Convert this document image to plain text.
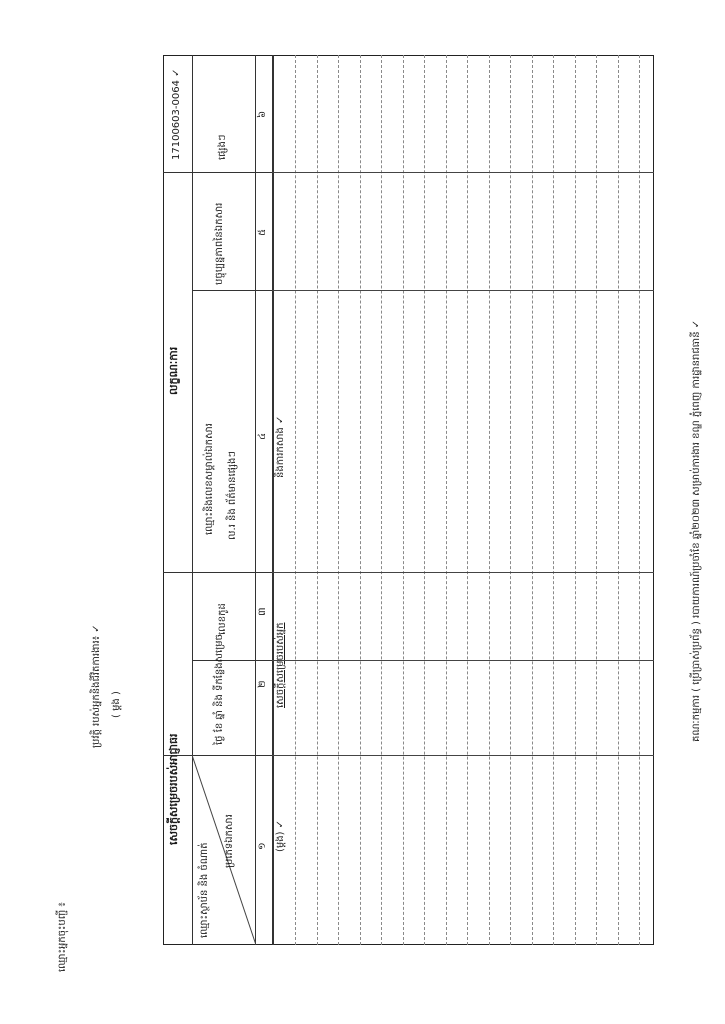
ឈ្មោះអ្នកចុះបញ្ជី ៖
ប្រវត្តិ របស់អ្នកនិងជីវិតការងារ៖ ✓ ( ម្ដង )	គណៈកម្មការ ( ប្រើប្រាស់ប្រព័ន្ធ ) របាយការណ៍ប្រចាំខែ ឆ្នាំ២០២៣ សម្រាប់ការងារ ខណ្ឌ ភ្នំពេញ ការដ្ឋានរាជធានី ✓
សេចក្ដីសម្រេចរបស់អាជ្ញាធរ
លក្ខណៈការ
17100603-0064 ✓
ឈ្មោះស្ថាប័ន និង ចំណាត់
ប្រភេទឯកសារ
ថ្ងៃ ខែ ឆ្នាំ និង ទីកន្លែងសម្រេច
លេខកូដ
ឈ្មោះនិងលេខសម្គាល់ឯកសារ ល.រ និង ព័ត៌មានផ្សេងៗ
បច្ចុប្បន្នភាពនៃឯកសារ
ផ្សេងៗ
១
២
៣
៤
៥
៦
(ម្ដង) ✓
សេចក្ដីសម្រេចរបស់អ្នក
និងការកសាង ✓
